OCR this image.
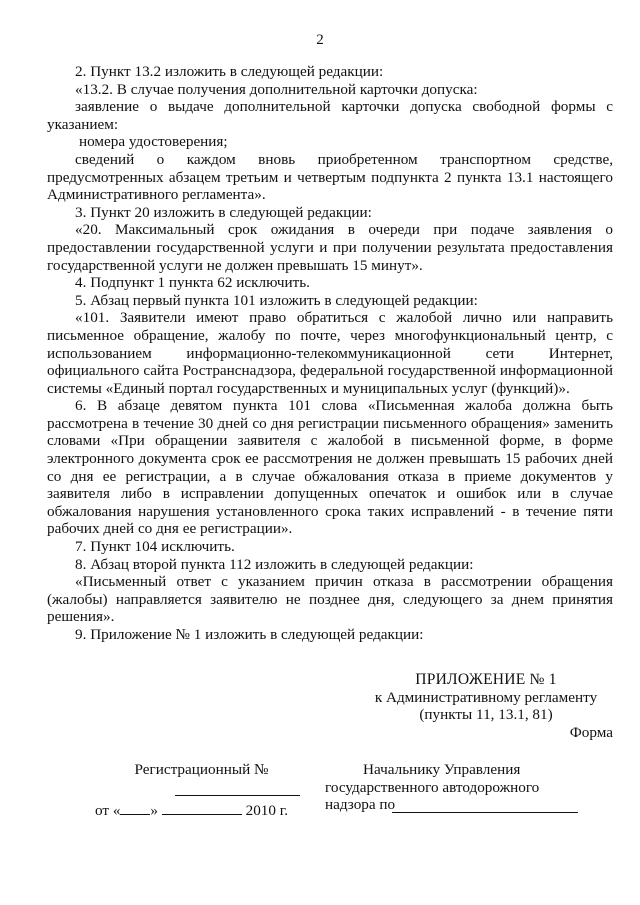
2

2. Пункт 13.2 изложить в следующей редакции:

«13.2. В случае получения дополнительной карточки допуска:

заявление о выдаче дополнительной карточки допуска свободной формы с указанием:

номера удостоверения;

сведений о каждом вновь приобретенном транспортном средстве, предусмотренных абзацем третьим и четвертым подпункта 2 пункта 13.1 настоящего Административного регламента».

3. Пункт 20 изложить в следующей редакции:

«20. Максимальный срок ожидания в очереди при подаче заявления о предоставлении государственной услуги и при получении результата предоставления государственной услуги не должен превышать 15 минут».

4. Подпункт 1 пункта 62 исключить.

5. Абзац первый пункта 101 изложить в следующей редакции:

«101. Заявители имеют право обратиться с жалобой лично или направить письменное обращение, жалобу по почте, через многофункциональный центр, с использованием информационно-телекоммуникационной сети Интернет, официального сайта Ространснадзора, федеральной государственной информационной системы «Единый портал государственных и муниципальных услуг (функций)».

6. В абзаце девятом пункта 101 слова «Письменная жалоба должна быть рассмотрена в течение 30 дней со дня регистрации письменного обращения» заменить словами «При обращении заявителя с жалобой в письменной форме, в форме электронного документа срок ее рассмотрения не должен превышать 15 рабочих дней со дня ее регистрации, а в случае обжалования отказа в приеме документов у заявителя либо в исправлении допущенных опечаток и ошибок или в случае обжалования нарушения установленного срока таких исправлений - в течение пяти рабочих дней со дня ее регистрации».

7. Пункт 104 исключить.

8. Абзац второй пункта 112 изложить в следующей редакции:

«Письменный ответ с указанием причин отказа в рассмотрении обращения (жалобы) направляется заявителю не позднее дня, следующего за днем принятия решения».

9. Приложение № 1 изложить в следующей редакции:

ПРИЛОЖЕНИЕ № 1
к Административному регламенту
(пункты 11, 13.1, 81)
Форма
Регистрационный №
от « »	2010 г.
Начальнику Управления
государственного автодорожного
надзора по
